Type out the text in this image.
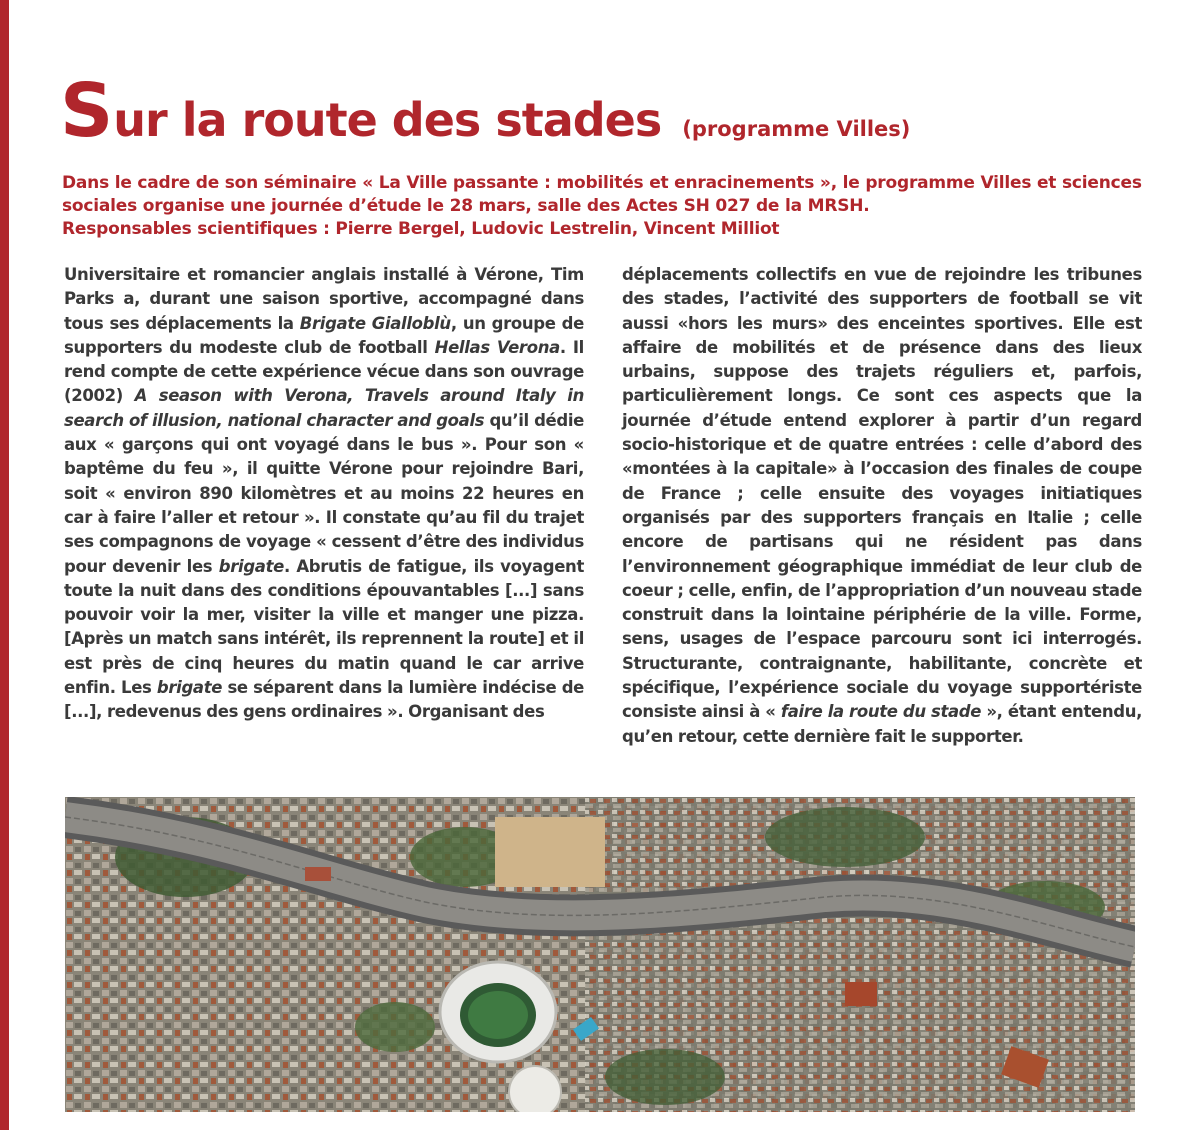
Sur la route des stades (programme Villes)

Dans le cadre de son séminaire « La Ville passante : mobilités et enracinements », le programme Villes et sciences sociales organise une journée d’étude le 28 mars, salle des Actes SH 027 de la MRSH.
Responsables scientifiques : Pierre Bergel, Ludovic Lestrelin, Vincent Milliot

Universitaire et romancier anglais installé à Vérone, Tim Parks a, durant une saison sportive, accompagné dans tous ses déplacements la Brigate Gialloblù, un groupe de supporters du modeste club de football Hellas Verona. Il rend compte de cette expérience vécue dans son ouvrage (2002) A season with Verona, Travels around Italy in search of illusion, national character and goals qu’il dédie aux « garçons qui ont voyagé dans le bus ». Pour son « baptême du feu », il quitte Vérone pour rejoindre Bari, soit « environ 890 kilomètres et au moins 22 heures en car à faire l’aller et retour ». Il constate qu’au fil du trajet ses compagnons de voyage « cessent d’être des individus pour devenir les brigate. Abrutis de fatigue, ils voyagent toute la nuit dans des conditions épouvantables [...] sans pouvoir voir la mer, visiter la ville et manger une pizza. [Après un match sans intérêt, ils reprennent la route] et il est près de cinq heures du matin quand le car arrive enfin. Les brigate se séparent dans la lumière indécise de [...], redevenus des gens ordinaires ». Organisant des

déplacements collectifs en vue de rejoindre les tribunes des stades, l’activité des supporters de football se vit aussi «hors les murs» des enceintes sportives. Elle est affaire de mobilités et de présence dans des lieux urbains, suppose des trajets réguliers et, parfois, particulièrement longs. Ce sont ces aspects que la journée d’étude entend explorer à partir d’un regard socio-historique et de quatre entrées : celle d’abord des «montées à la capitale» à l’occasion des finales de coupe de France ; celle ensuite des voyages initiatiques organisés par des supporters français en Italie ; celle encore de partisans qui ne résident pas dans l’environnement géographique immédiat de leur club de coeur ; celle, enfin, de l’appropriation d’un nouveau stade construit dans la lointaine périphérie de la ville. Forme, sens, usages de l’espace parcouru sont ici interrogés. Structurante, contraignante, habilitante, concrète et spécifique, l’expérience sociale du voyage supportériste consiste ainsi à « faire la route du stade », étant entendu, qu’en retour, cette dernière fait le supporter.
